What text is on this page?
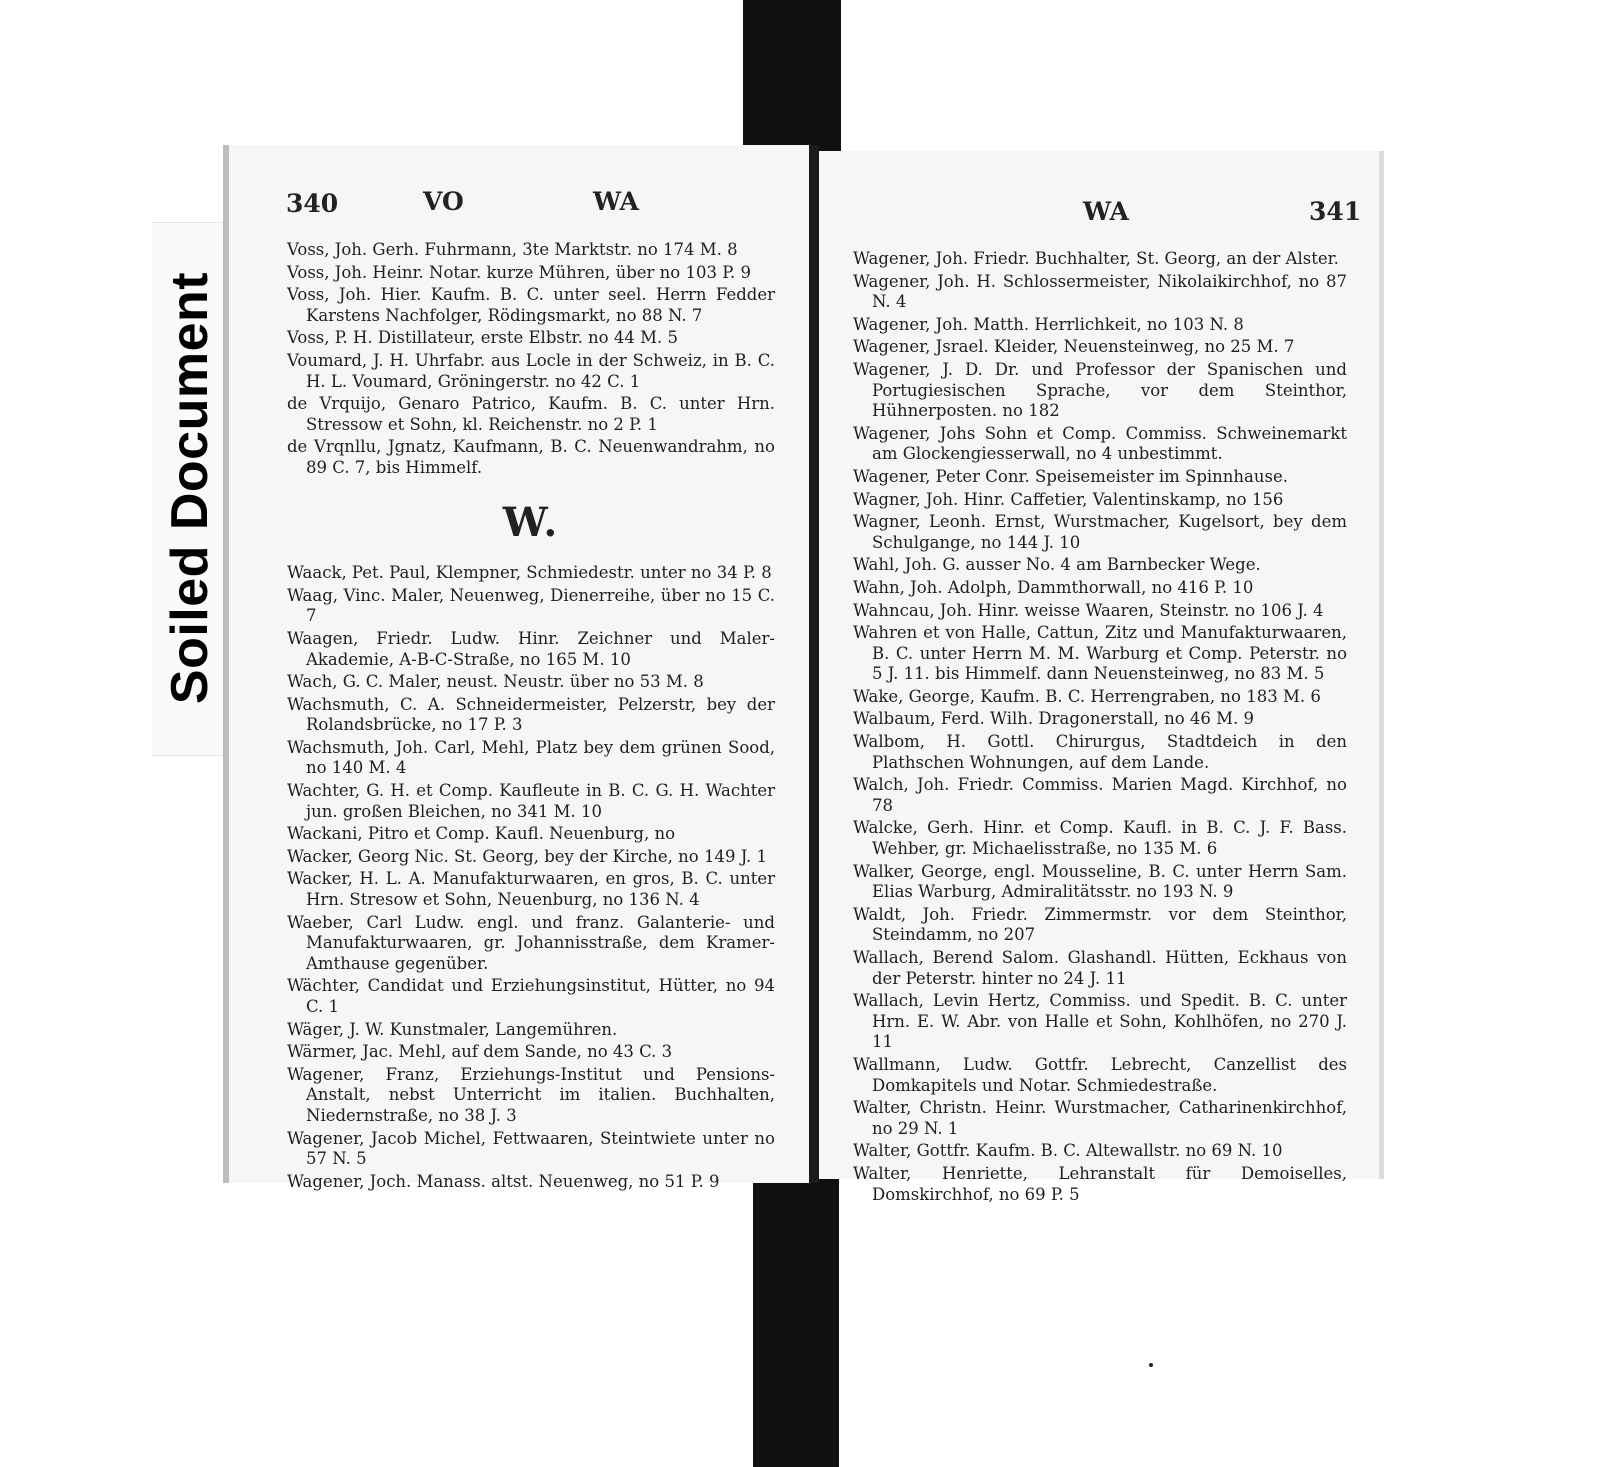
Soiled Document
340	VO	WA
Voss, Joh. Gerh. Fuhrmann, 3te Marktstr. no 174 M. 8
Voss, Joh. Heinr. Notar. kurze Mühren, über no 103 P. 9
Voss, Joh. Hier. Kaufm. B. C. unter seel. Herrn Fedder Karstens Nachfolger, Rödingsmarkt, no 88 N. 7
Voss, P. H. Distillateur, erste Elbstr. no 44 M. 5
Voumard, J. H. Uhrfabr. aus Locle in der Schweiz, in B. C. H. L. Voumard, Gröningerstr. no 42 C. 1
de Vrquijo, Genaro Patrico, Kaufm. B. C. unter Hrn. Stressow et Sohn, kl. Reichenstr. no 2 P. 1
de Vrqnllu, Jgnatz, Kaufmann, B. C. Neuenwandrahm, no 89 C. 7, bis Himmelf.
W.
Waack, Pet. Paul, Klempner, Schmiedestr. unter no 34 P. 8
Waag, Vinc. Maler, Neuenweg, Dienerreihe, über no 15 C. 7
Waagen, Friedr. Ludw. Hinr. Zeichner und Maler-Akademie, A-B-C-Straße, no 165 M. 10
Wach, G. C. Maler, neust. Neustr. über no 53 M. 8
Wachsmuth, C. A. Schneidermeister, Pelzerstr, bey der Rolandsbrücke, no 17 P. 3
Wachsmuth, Joh. Carl, Mehl, Platz bey dem grünen Sood, no 140 M. 4
Wachter, G. H. et Comp. Kaufleute in B. C. G. H. Wachter jun. großen Bleichen, no 341 M. 10
Wackani, Pitro et Comp. Kaufl. Neuenburg, no
Wacker, Georg Nic. St. Georg, bey der Kirche, no 149 J. 1
Wacker, H. L. A. Manufakturwaaren, en gros, B. C. unter Hrn. Stresow et Sohn, Neuenburg, no 136 N. 4
Waeber, Carl Ludw. engl. und franz. Galanterie- und Manufakturwaaren, gr. Johannisstraße, dem Kramer-Amthause gegenüber.
Wächter, Candidat und Erziehungsinstitut, Hütter, no 94 C. 1
Wäger, J. W. Kunstmaler, Langemühren.
Wärmer, Jac. Mehl, auf dem Sande, no 43 C. 3
Wagener, Franz, Erziehungs-Institut und Pensions-Anstalt, nebst Unterricht im italien. Buchhalten, Niedernstraße, no 38 J. 3
Wagener, Jacob Michel, Fettwaaren, Steintwiete unter no 57 N. 5
Wagener, Joch. Manass. altst. Neuenweg, no 51 P. 9
WA	341
Wagener, Joh. Friedr. Buchhalter, St. Georg, an der Alster.
Wagener, Joh. H. Schlossermeister, Nikolaikirchhof, no 87 N. 4
Wagener, Joh. Matth. Herrlichkeit, no 103 N. 8
Wagener, Jsrael. Kleider, Neuensteinweg, no 25 M. 7
Wagener, J. D. Dr. und Professor der Spanischen und Portugiesischen Sprache, vor dem Steinthor, Hühnerposten. no 182
Wagener, Johs Sohn et Comp. Commiss. Schweinemarkt am Glockengiesserwall, no 4 unbestimmt.
Wagener, Peter Conr. Speisemeister im Spinnhause.
Wagner, Joh. Hinr. Caffetier, Valentinskamp, no 156
Wagner, Leonh. Ernst, Wurstmacher, Kugelsort, bey dem Schulgange, no 144 J. 10
Wahl, Joh. G. ausser No. 4 am Barnbecker Wege.
Wahn, Joh. Adolph, Dammthorwall, no 416 P. 10
Wahncau, Joh. Hinr. weisse Waaren, Steinstr. no 106 J. 4
Wahren et von Halle, Cattun, Zitz und Manufakturwaaren, B. C. unter Herrn M. M. Warburg et Comp. Peterstr. no 5 J. 11. bis Himmelf. dann Neuensteinweg, no 83 M. 5
Wake, George, Kaufm. B. C. Herrengraben, no 183 M. 6
Walbaum, Ferd. Wilh. Dragonerstall, no 46 M. 9
Walbom, H. Gottl. Chirurgus, Stadtdeich in den Plathschen Wohnungen, auf dem Lande.
Walch, Joh. Friedr. Commiss. Marien Magd. Kirchhof, no 78
Walcke, Gerh. Hinr. et Comp. Kaufl. in B. C. J. F. Bass. Wehber, gr. Michaelisstraße, no 135 M. 6
Walker, George, engl. Mousseline, B. C. unter Herrn Sam. Elias Warburg, Admiralitätsstr. no 193 N. 9
Waldt, Joh. Friedr. Zimmermstr. vor dem Steinthor, Steindamm, no 207
Wallach, Berend Salom. Glashandl. Hütten, Eckhaus von der Peterstr. hinter no 24 J. 11
Wallach, Levin Hertz, Commiss. und Spedit. B. C. unter Hrn. E. W. Abr. von Halle et Sohn, Kohlhöfen, no 270 J. 11
Wallmann, Ludw. Gottfr. Lebrecht, Canzellist des Domkapitels und Notar. Schmiedestraße.
Walter, Christn. Heinr. Wurstmacher, Catharinenkirchhof, no 29 N. 1
Walter, Gottfr. Kaufm. B. C. Altewallstr. no 69 N. 10
Walter, Henriette, Lehranstalt für Demoiselles, Domskirchhof, no 69 P. 5
